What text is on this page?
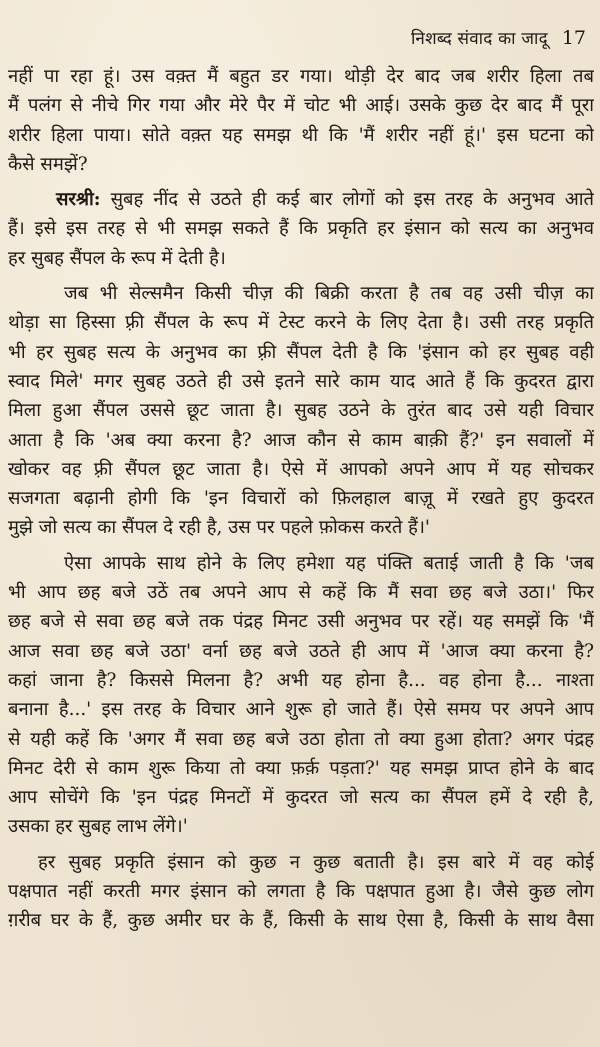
निशब्द संवाद का जादू 17
नहीं पा रहा हूं। उस वक़्त मैं बहुत डर गया। थोड़ी देर बाद जब शरीर हिला तब
मैं पलंग से नीचे गिर गया और मेरे पैर में चोट भी आई। उसके कुछ देर बाद मैं पूरा
शरीर हिला पाया। सोते वक़्त यह समझ थी कि 'मैं शरीर नहीं हूं।' इस घटना को
कैसे समझें?
सरश्री: सुबह नींद से उठते ही कई बार लोगों को इस तरह के अनुभव आते
हैं। इसे इस तरह से भी समझ सकते हैं कि प्रकृति हर इंसान को सत्य का अनुभव
हर सुबह सैंपल के रूप में देती है।
जब भी सेल्समैन किसी चीज़ की बिक्री करता है तब वह उसी चीज़ का
थोड़ा सा हिस्सा फ़्री सैंपल के रूप में टेस्ट करने के लिए देता है। उसी तरह प्रकृति
भी हर सुबह सत्य के अनुभव का फ़्री सैंपल देती है कि 'इंसान को हर सुबह वही
स्वाद मिले' मगर सुबह उठते ही उसे इतने सारे काम याद आते हैं कि कुदरत द्वारा
मिला हुआ सैंपल उससे छूट जाता है। सुबह उठने के तुरंत बाद उसे यही विचार
आता है कि 'अब क्या करना है? आज कौन से काम बाक़ी हैं?' इन सवालों में
खोकर वह फ़्री सैंपल छूट जाता है। ऐसे में आपको अपने आप में यह सोचकर
सजगता बढ़ानी होगी कि 'इन विचारों को फ़िलहाल बाज़ू में रखते हुए कुदरत
मुझे जो सत्य का सैंपल दे रही है, उस पर पहले फ़ोकस करते हैं।'
ऐसा आपके साथ होने के लिए हमेशा यह पंक्ति बताई जाती है कि 'जब
भी आप छह बजे उठें तब अपने आप से कहें कि मैं सवा छह बजे उठा।' फिर
छह बजे से सवा छह बजे तक पंद्रह मिनट उसी अनुभव पर रहें। यह समझें कि 'मैं
आज सवा छह बजे उठा' वर्ना छह बजे उठते ही आप में 'आज क्या करना है?
कहां जाना है? किससे मिलना है? अभी यह होना है... वह होना है... नाश्ता
बनाना है...' इस तरह के विचार आने शुरू हो जाते हैं। ऐसे समय पर अपने आप
से यही कहें कि 'अगर मैं सवा छह बजे उठा होता तो क्या हुआ होता? अगर पंद्रह
मिनट देरी से काम शुरू किया तो क्या फ़र्क़ पड़ता?' यह समझ प्राप्त होने के बाद
आप सोचेंगे कि 'इन पंद्रह मिनटों में कुदरत जो सत्य का सैंपल हमें दे रही है,
उसका हर सुबह लाभ लेंगे।'
हर सुबह प्रकृति इंसान को कुछ न कुछ बताती है। इस बारे में वह कोई
पक्षपात नहीं करती मगर इंसान को लगता है कि पक्षपात हुआ है। जैसे कुछ लोग
ग़रीब घर के हैं, कुछ अमीर घर के हैं, किसी के साथ ऐसा है, किसी के साथ वैसा
